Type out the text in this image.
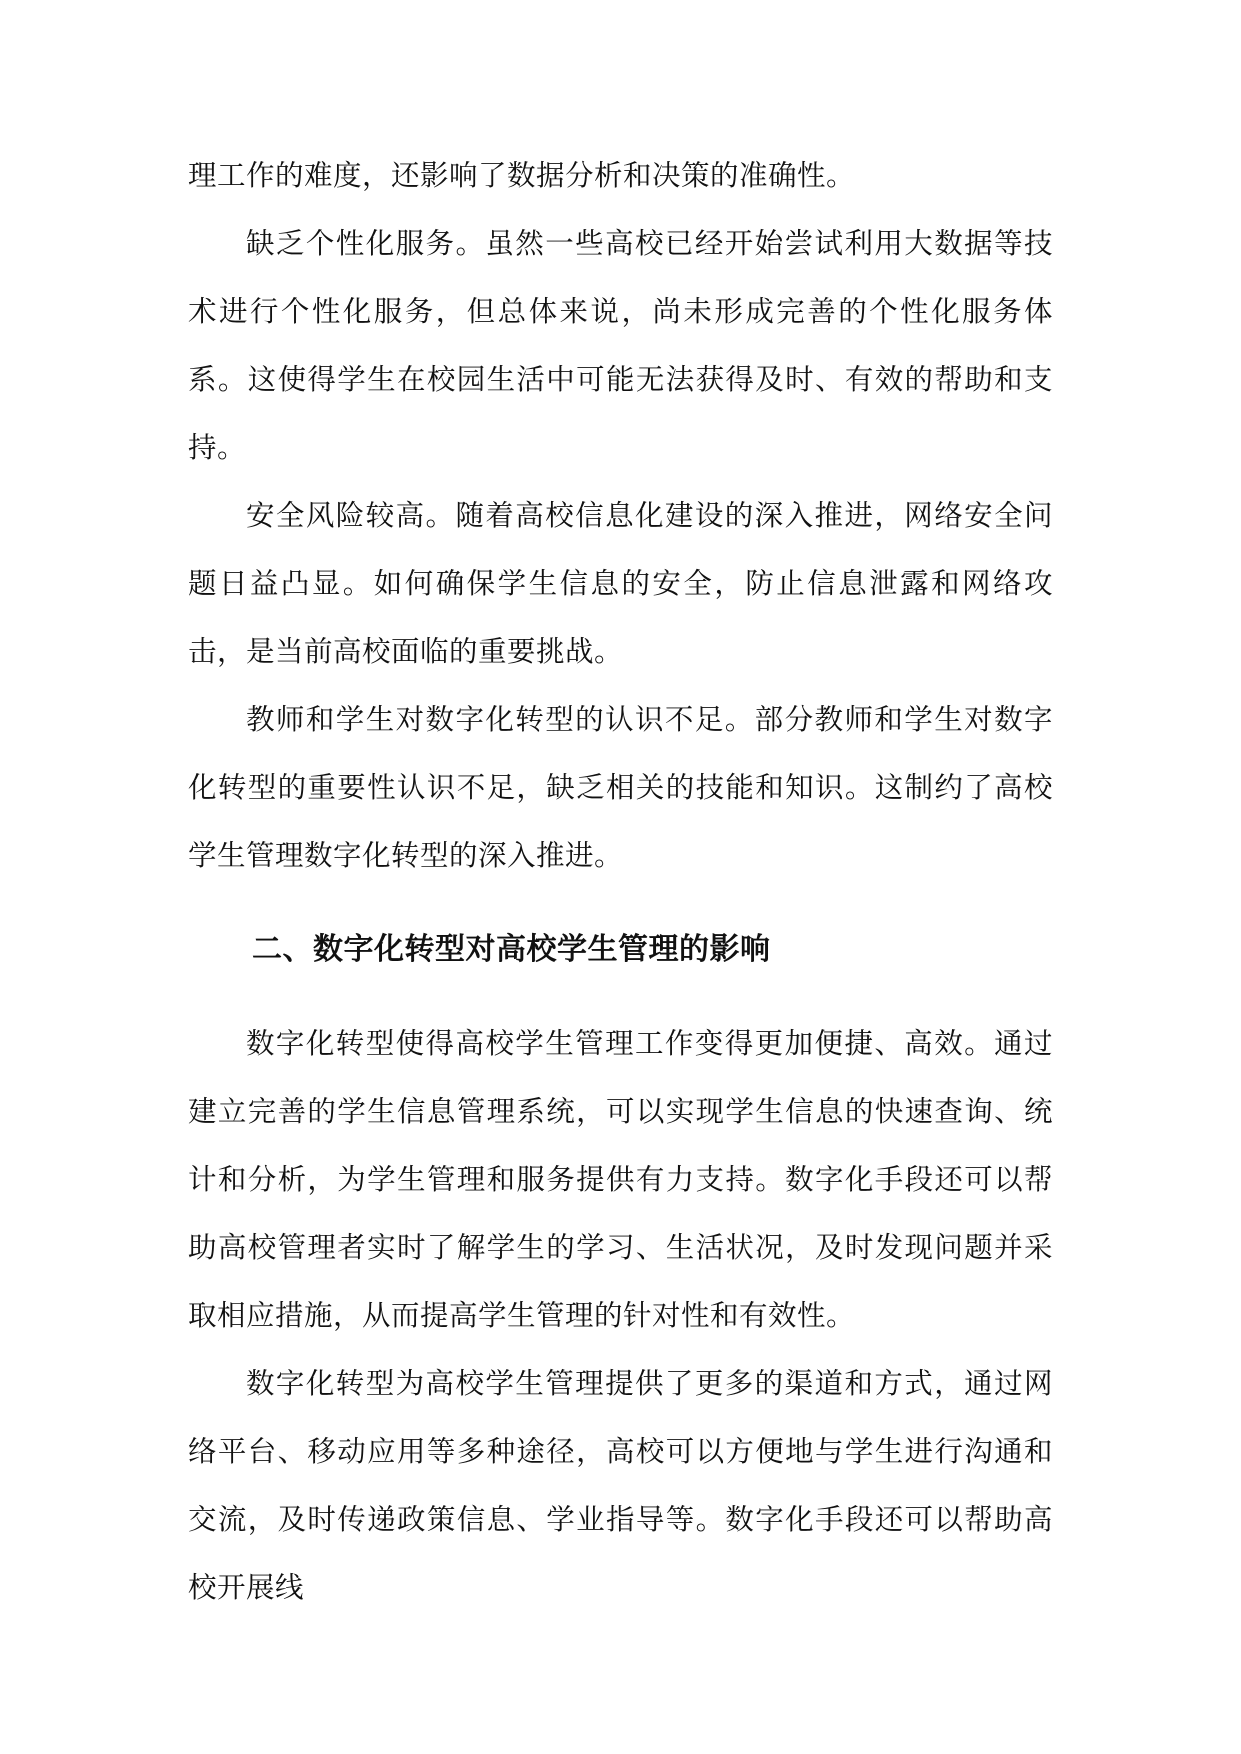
理工作的难度，还影响了数据分析和决策的准确性。

缺乏个性化服务。虽然一些高校已经开始尝试利用大数据等技术进行个性化服务，但总体来说，尚未形成完善的个性化服务体系。这使得学生在校园生活中可能无法获得及时、有效的帮助和支持。

安全风险较高。随着高校信息化建设的深入推进，网络安全问题日益凸显。如何确保学生信息的安全，防止信息泄露和网络攻击，是当前高校面临的重要挑战。

教师和学生对数字化转型的认识不足。部分教师和学生对数字化转型的重要性认识不足，缺乏相关的技能和知识。这制约了高校学生管理数字化转型的深入推进。

二、数字化转型对高校学生管理的影响

数字化转型使得高校学生管理工作变得更加便捷、高效。通过建立完善的学生信息管理系统，可以实现学生信息的快速查询、统计和分析，为学生管理和服务提供有力支持。数字化手段还可以帮助高校管理者实时了解学生的学习、生活状况，及时发现问题并采取相应措施，从而提高学生管理的针对性和有效性。

数字化转型为高校学生管理提供了更多的渠道和方式，通过网络平台、移动应用等多种途径，高校可以方便地与学生进行沟通和交流，及时传递政策信息、学业指导等。数字化手段还可以帮助高校开展线
